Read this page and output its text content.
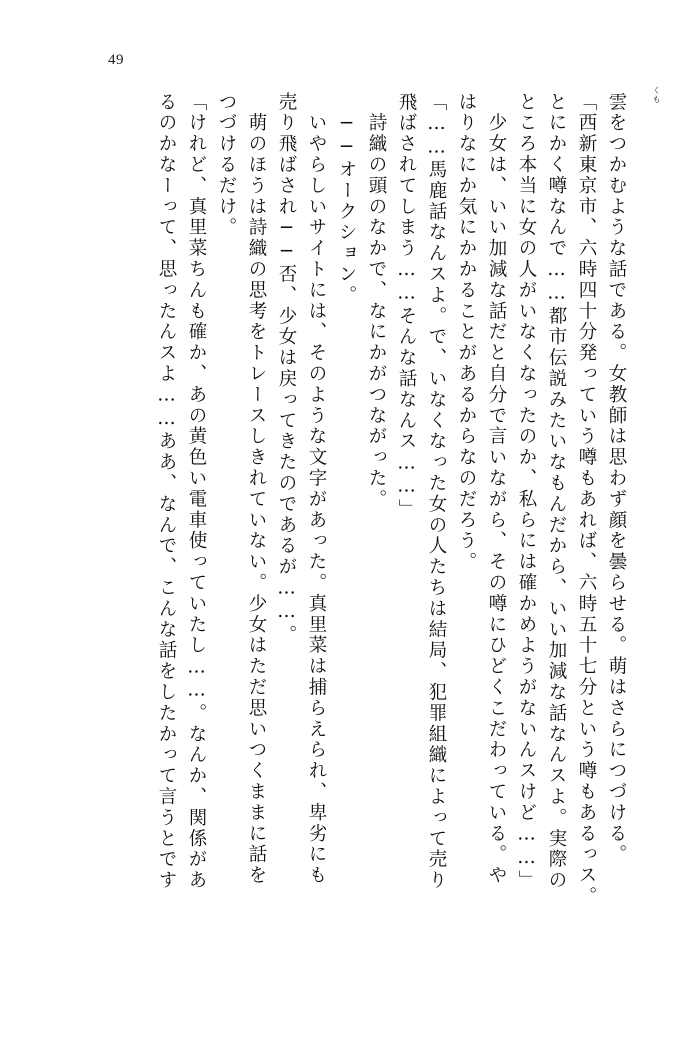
49
くも
雲をつかむような話である。女教師は思わず顔を曇らせる。萌はさらにつづける。
「西新東京市、六時四十分発っていう噂もあれば、六時五十七分という噂もあるっス。
とにかく噂なんで……都市伝説みたいなもんだから、いい加減な話なんスよ。実際の
ところ本当に女の人がいなくなったのか、私らには確かめようがないんスけど……」
　少女は、いい加減な話だと自分で言いながら、その噂にひどくこだわっている。や
はりなにか気にかかることがあるからなのだろう。
「……馬鹿話なんスよ。で、いなくなった女の人たちは結局、犯罪組織によって売り
飛ばされてしまう……そんな話なんス……」
　詩織の頭のなかで、なにかがつながった。
　──オークション。
　いやらしいサイトには、そのような文字があった。真里菜は捕らえられ、卑劣にも
売り飛ばされ──否、少女は戻ってきたのであるが……。
　萌のほうは詩織の思考をトレースしきれていない。少女はただ思いつくままに話を
つづけるだけ。
「けれど、真里菜ちんも確か、あの黄色い電車使っていたし……。なんか、関係があ
るのかなーって、思ったんスよ……ああ、なんで、こんな話をしたかって言うとです
